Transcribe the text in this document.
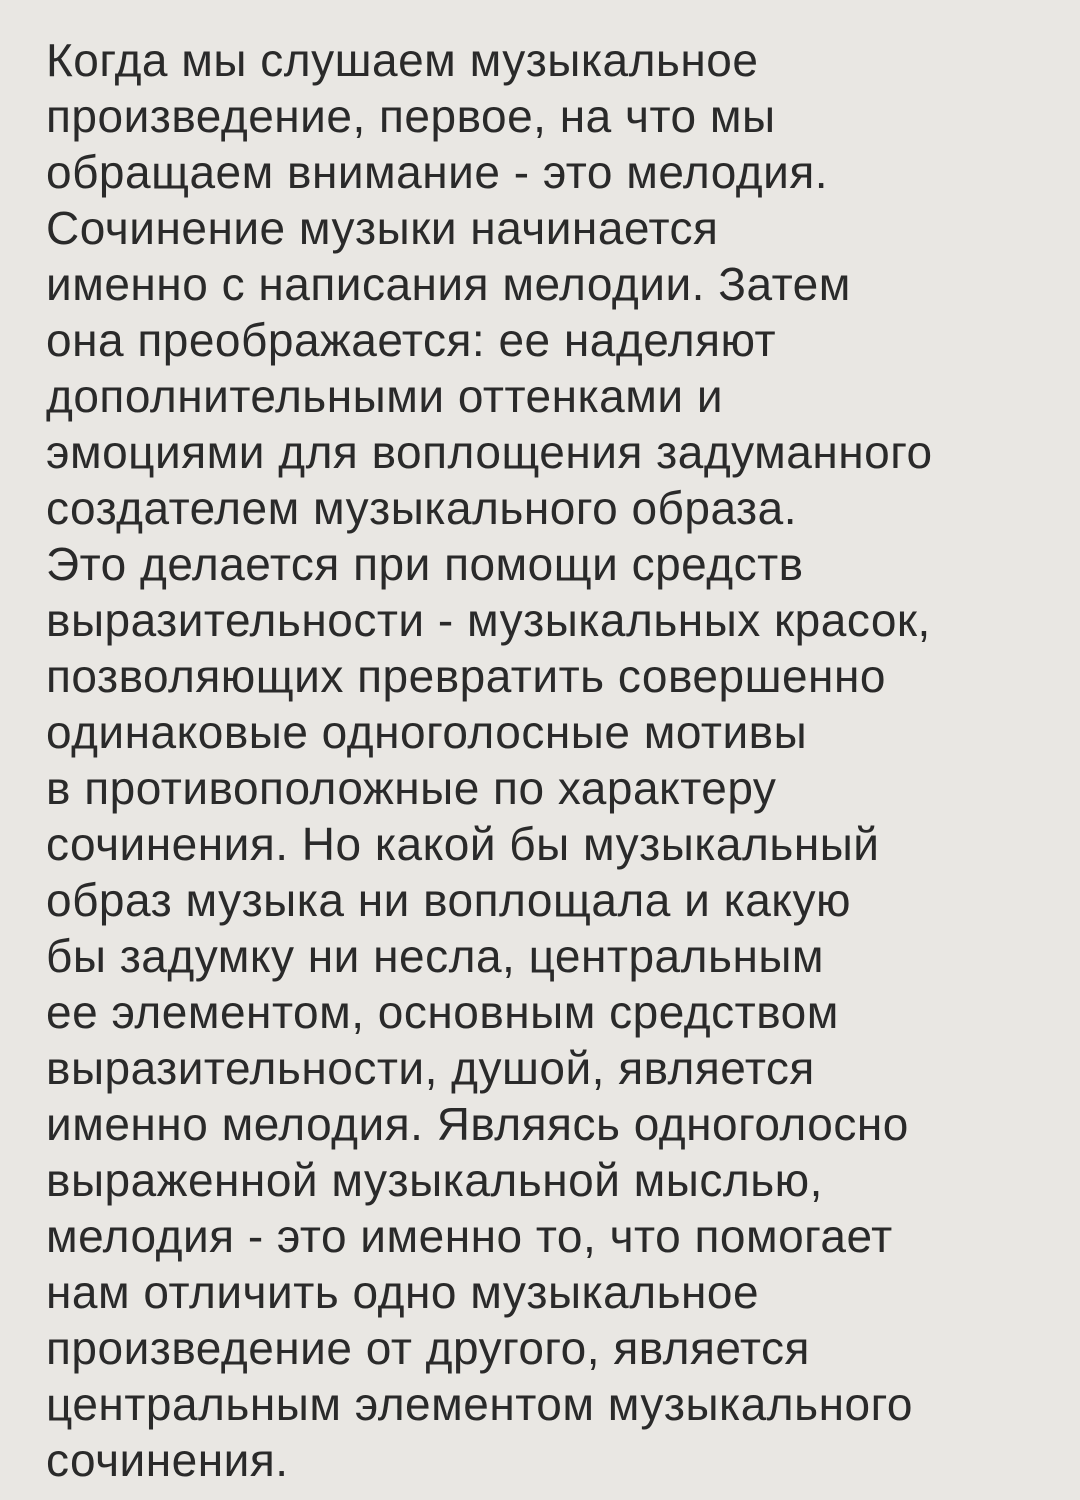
Когда мы слушаем музыкальное
произведение, первое, на что мы
обращаем внимание - это мелодия.
Сочинение музыки начинается
именно с написания мелодии. Затем
она преображается: ее наделяют
дополнительными оттенками и
эмоциями для воплощения задуманного
создателем музыкального образа.
Это делается при помощи средств
выразительности - музыкальных красок,
позволяющих превратить совершенно
одинаковые одноголосные мотивы
в противоположные по характеру
сочинения. Но какой бы музыкальный
образ музыка ни воплощала и какую
бы задумку ни несла, центральным
ее элементом, основным средством
выразительности, душой, является
именно мелодия. Являясь одноголосно
выраженной музыкальной мыслью,
мелодия - это именно то, что помогает
нам отличить одно музыкальное
произведение от другого, является
центральным элементом музыкального
сочинения.
